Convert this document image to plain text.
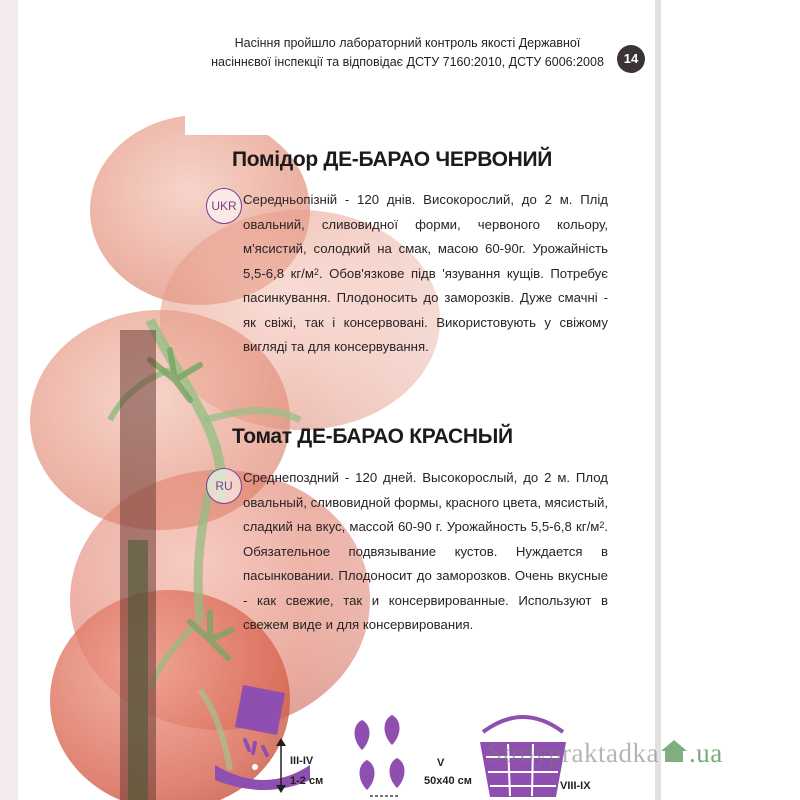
Насіння пройшло лабораторний контроль якості Державної
насіннєвої інспекції та відповідає ДСТУ 7160:2010, ДСТУ 6006:2008	14
Помідор ДЕ-БАРАО ЧЕРВОНИЙ
UKR Середньопізній - 120 днів. Високорослий, до 2 м. Плід овальний, сливовидної форми, червоного кольору, м'ясистий, солодкий на смак, масою 60-90г. Урожайність 5,5-6,8 $кг/м^2$. Обов'язкове підв 'язування кущів. Потребує пасинкування. Плодоносить до заморозків. Дуже смачні - як свіжі, так і консервовані. Використовують у свіжому вигляді та для консервування.

Томат ДЕ-БАРАО КРАСНЫЙ
RU

Среднепоздний - 120 дней. Высокорослый, до 2 м. Плод овальный, сливовидной формы, красного цвета, мясистый, сладкий на вкус, массой 60-90 г. Урожайность 5,5-6,8 $кг/м^2$. Обязательное подвязывание кустов. Нуждается в пасынковании. Плодоносит до заморозков. Очень вкусные - как свежие, так и консервированные. Используют в свежем виде и для консервирования.

III-IV
1-2 см
V
50x40 см	VIII-IX
Stroypraktadka .ua
